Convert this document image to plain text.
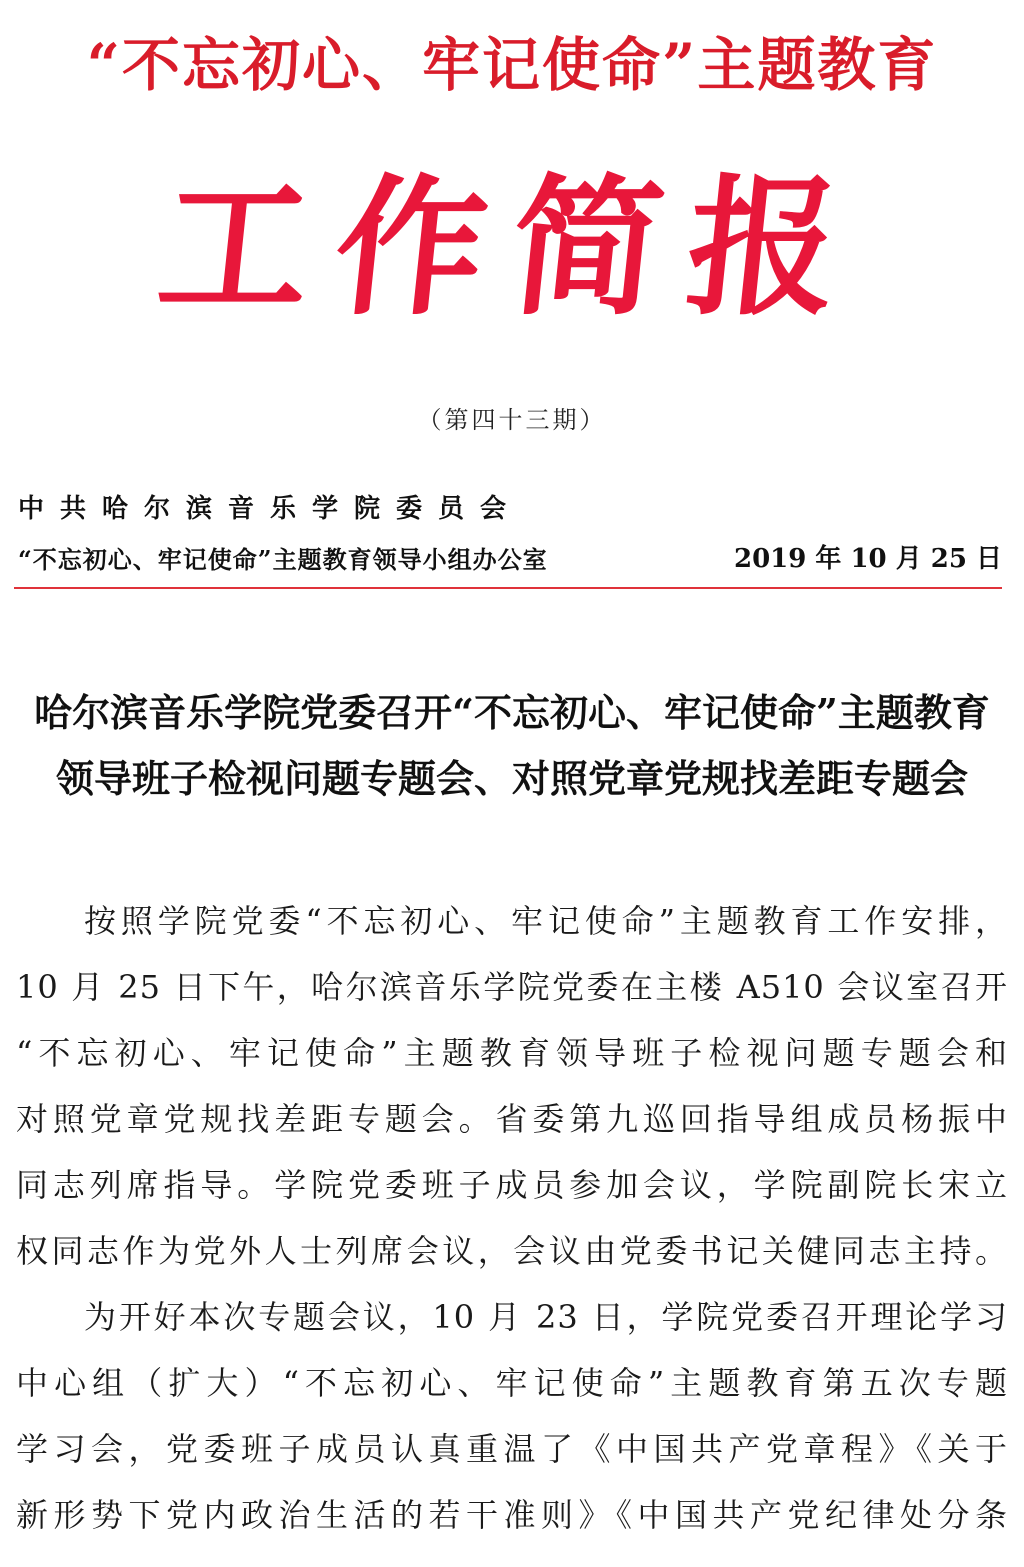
“不忘初心、牢记使命”主题教育
工作简报
（第四十三期）
中共哈尔滨音乐学院委员会
“不忘初心、牢记使命”主题教育领导小组办公室	2019 年 10 月 25 日
哈尔滨音乐学院党委召开“不忘初心、牢记使命”主题教育
领导班子检视问题专题会、对照党章党规找差距专题会
按照学院党委“不忘初心、牢记使命”主题教育工作安排，
10 月 25 日下午，哈尔滨音乐学院党委在主楼 A510 会议室召开
“不忘初心、牢记使命”主题教育领导班子检视问题专题会和
对照党章党规找差距专题会。省委第九巡回指导组成员杨振中
同志列席指导。学院党委班子成员参加会议，学院副院长宋立
权同志作为党外人士列席会议，会议由党委书记关健同志主持。
为开好本次专题会议，10 月 23 日，学院党委召开理论学习
中心组（扩大）“不忘初心、牢记使命”主题教育第五次专题
学习会，党委班子成员认真重温了《中国共产党章程》《关于
新形势下党内政治生活的若干准则》《中国共产党纪律处分条
